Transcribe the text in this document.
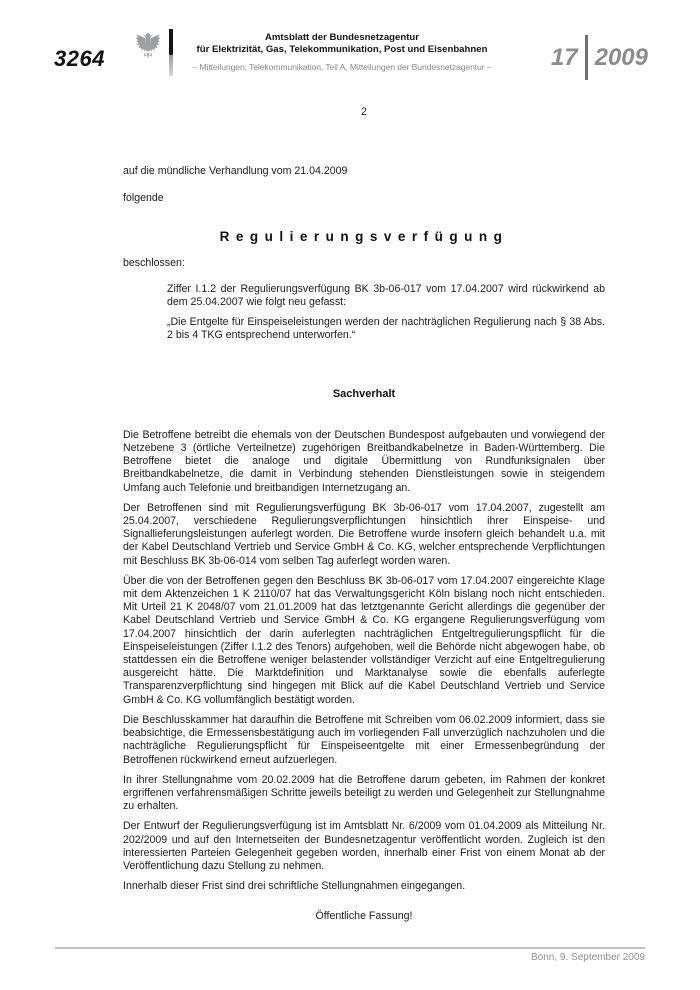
3264
Amtsblatt der Bundesnetzagentur
für Elektrizität, Gas, Telekommunikation, Post und Eisenbahnen
– Mitteilungen, Telekommunikation, Teil A, Mitteilungen der Bundesnetzagentur –	17 2009
2

auf die mündliche Verhandlung vom 21.04.2009

folgende

Regulierungsverfügung

beschlossen:

Ziffer I.1.2 der Regulierungsverfügung BK 3b-06-017 vom 17.04.2007 wird rückwirkend ab dem 25.04.2007 wie folgt neu gefasst:
„Die Entgelte für Einspeiseleistungen werden der nachträglichen Regulierung nach § 38 Abs. 2 bis 4 TKG entsprechend unterworfen.“
Sachverhalt

Die Betroffene betreibt die ehemals von der Deutschen Bundespost aufgebauten und vorwiegend der Netzebene 3 (örtliche Verteilnetze) zugehörigen Breitbandkabelnetze in Baden-Württemberg. Die Betroffene bietet die analoge und digitale Übermittlung von Rundfunksignalen über Breitbandkabelnetze, die damit in Verbindung stehenden Dienstleistungen sowie in steigendem Umfang auch Telefonie und breitbandigen Internetzugang an.

Der Betroffenen sind mit Regulierungsverfügung BK 3b-06-017 vom 17.04.2007, zugestellt am 25.04.2007, verschiedene Regulierungsverpflichtungen hinsichtlich ihrer Einspeise- und Signallieferungsleistungen auferlegt worden. Die Betroffene wurde insofern gleich behandelt u.a. mit der Kabel Deutschland Vertrieb und Service GmbH & Co. KG, welcher entsprechende Verpflichtungen mit Beschluss BK 3b-06-014 vom selben Tag auferlegt worden waren.

Über die von der Betroffenen gegen den Beschluss BK 3b-06-017 vom 17.04.2007 eingereichte Klage mit dem Aktenzeichen 1 K 2110/07 hat das Verwaltungsgericht Köln bislang noch nicht entschieden. Mit Urteil 21 K 2048/07 vom 21.01.2009 hat das letztgenannte Gericht allerdings die gegenüber der Kabel Deutschland Vertrieb und Service GmbH & Co. KG ergangene Regulierungsverfügung vom 17.04.2007 hinsichtlich der darin auferlegten nachträglichen Entgeltregulierungspflicht für die Einspeiseleistungen (Ziffer I.1.2 des Tenors) aufgehoben, weil die Behörde nicht abgewogen habe, ob stattdessen ein die Betroffene weniger belastender vollständiger Verzicht auf eine Entgeltregulierung ausgereicht hätte. Die Marktdefinition und Marktanalyse sowie die ebenfalls auferlegte Transparenzverpflichtung sind hingegen mit Blick auf die Kabel Deutschland Vertrieb und Service GmbH & Co. KG vollumfänglich bestätigt worden.

Die Beschlusskammer hat daraufhin die Betroffene mit Schreiben vom 06.02.2009 informiert, dass sie beabsichtige, die Ermessensbestätigung auch im vorliegenden Fall unverzüglich nachzuholen und die nachträgliche Regulierungspflicht für Einspeiseentgelte mit einer Ermessenbegründung der Betroffenen rückwirkend erneut aufzuerlegen.

In ihrer Stellungnahme vom 20.02.2009 hat die Betroffene darum gebeten, im Rahmen der konkret ergriffenen verfahrensmäßigen Schritte jeweils beteiligt zu werden und Gelegenheit zur Stellungnahme zu erhalten.

Der Entwurf der Regulierungsverfügung ist im Amtsblatt Nr. 6/2009 vom 01.04.2009 als Mitteilung Nr. 202/2009 und auf den Internetseiten der Bundesnetzagentur veröffentlicht worden. Zugleich ist den interessierten Parteien Gelegenheit gegeben worden, innerhalb einer Frist von einem Monat ab der Veröffentlichung dazu Stellung zu nehmen.

Innerhalb dieser Frist sind drei schriftliche Stellungnahmen eingegangen.

Öffentliche Fassung!
Bonn, 9. September 2009
